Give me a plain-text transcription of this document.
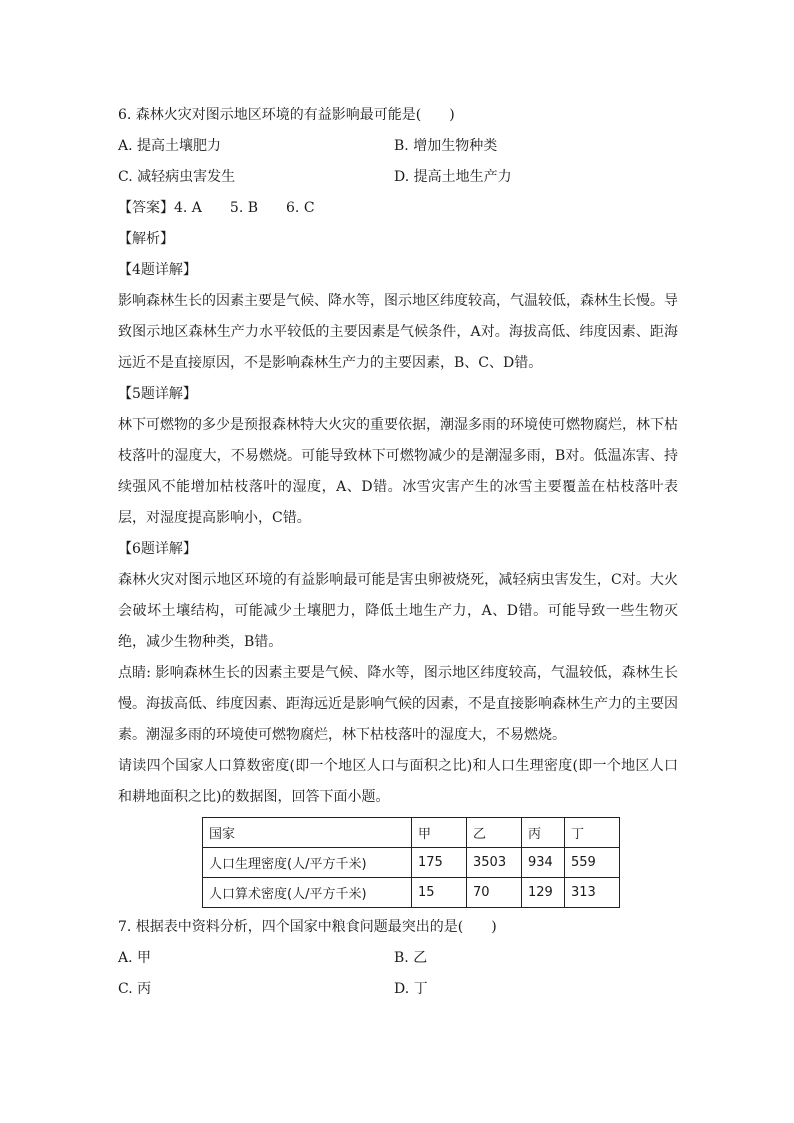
6. 森林火灾对图示地区环境的有益影响最可能是(　　)
A. 提高土壤肥力	B. 增加生物种类
C. 减轻病虫害发生	D. 提高土地生产力
【答案】4. A　　5. B　　6. C
【解析】
【4题详解】
影响森林生长的因素主要是气候、降水等，图示地区纬度较高，气温较低，森林生长慢。导致图示地区森林生产力水平较低的主要因素是气候条件，A对。海拔高低、纬度因素、距海远近不是直接原因，不是影响森林生产力的主要因素，B、C、D错。
【5题详解】
林下可燃物的多少是预报森林特大火灾的重要依据，潮湿多雨的环境使可燃物腐烂，林下枯枝落叶的湿度大，不易燃烧。可能导致林下可燃物减少的是潮湿多雨，B对。低温冻害、持续强风不能增加枯枝落叶的湿度，A、D错。冰雪灾害产生的冰雪主要覆盖在枯枝落叶表层，对湿度提高影响小，C错。
【6题详解】
森林火灾对图示地区环境的有益影响最可能是害虫卵被烧死，减轻病虫害发生，C对。大火会破坏土壤结构，可能减少土壤肥力，降低土地生产力，A、D错。可能导致一些生物灭绝，减少生物种类，B错。
点睛: 影响森林生长的因素主要是气候、降水等，图示地区纬度较高，气温较低，森林生长慢。海拔高低、纬度因素、距海远近是影响气候的因素，不是直接影响森林生产力的主要因素。潮湿多雨的环境使可燃物腐烂，林下枯枝落叶的湿度大，不易燃烧。
请读四个国家人口算数密度(即一个地区人口与面积之比)和人口生理密度(即一个地区人口和耕地面积之比)的数据图，回答下面小题。
国家	甲	乙	丙	丁
人口生理密度(人/平方千米)	175	3503	934	559
人口算术密度(人/平方千米)	15	70	129	313
7. 根据表中资料分析，四个国家中粮食问题最突出的是(　　)
A. 甲	B. 乙
C. 丙	D. 丁
